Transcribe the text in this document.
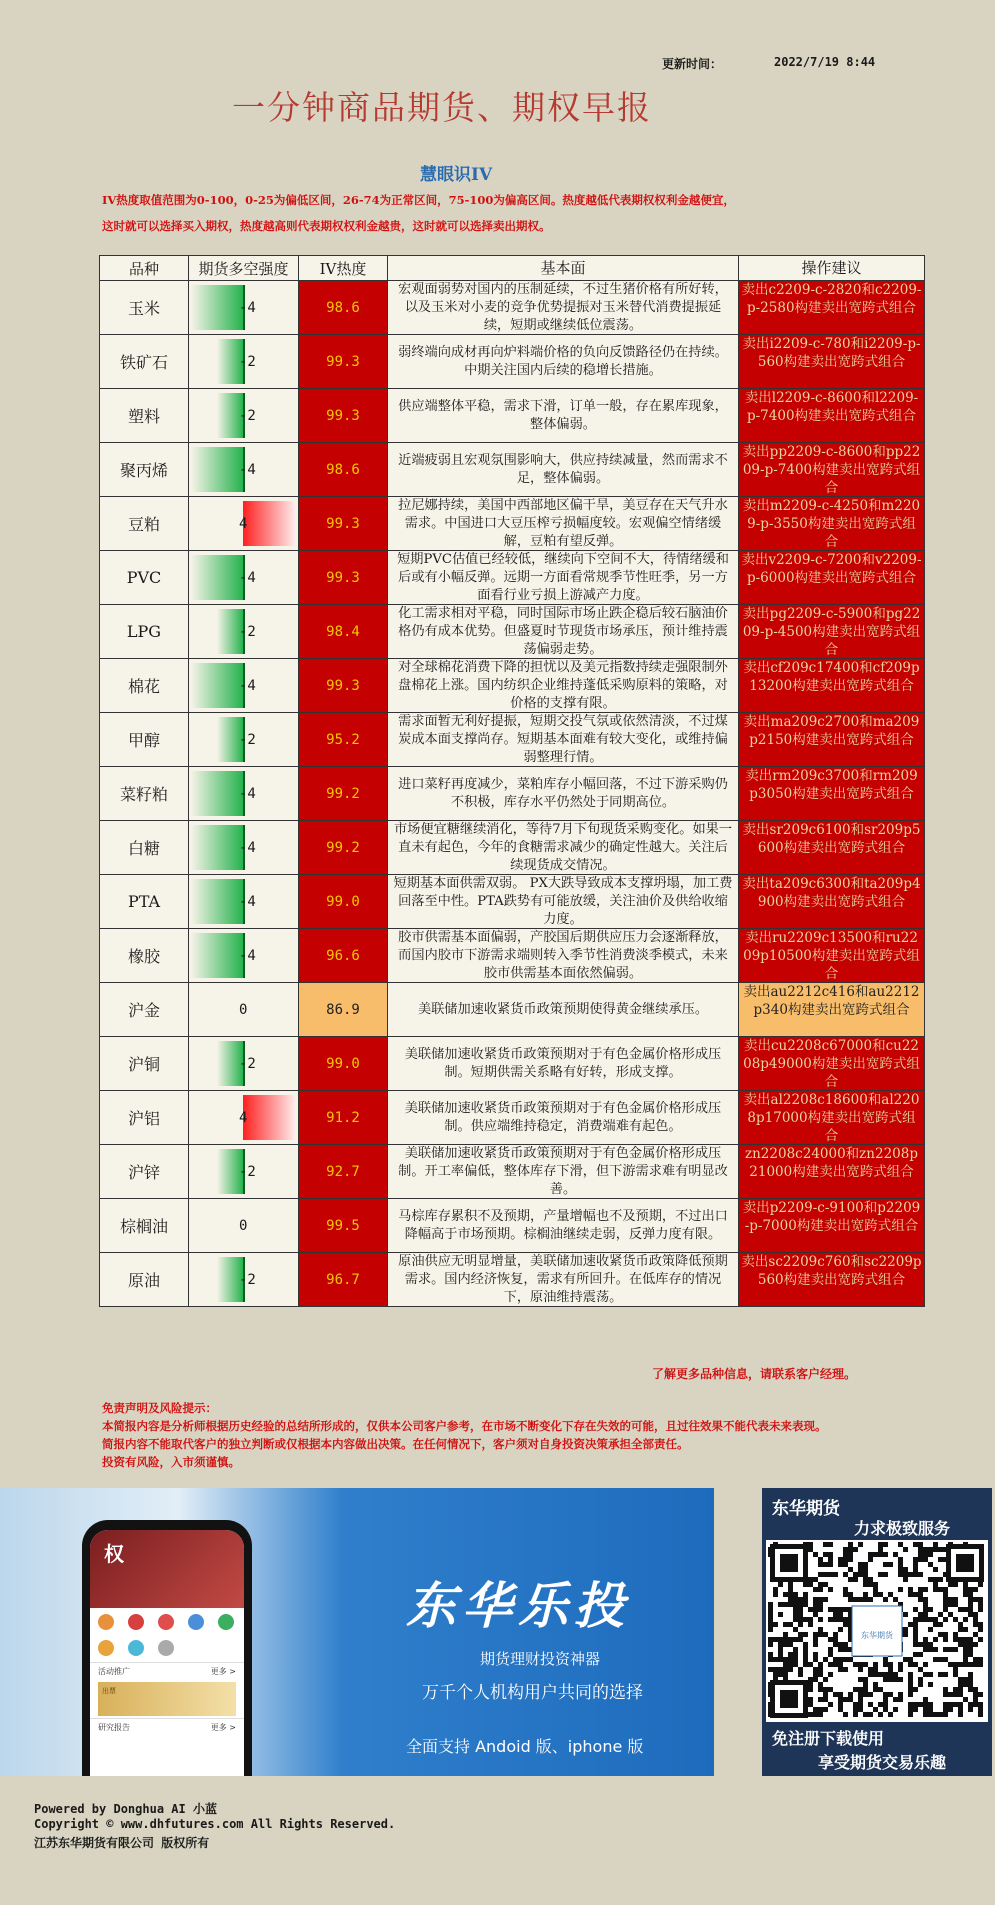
更新时间：	2022/7/19 8:44
一分钟商品期货、期权早报
慧眼识IV
IV热度取值范围为0-100，0-25为偏低区间，26-74为正常区间，75-100为偏高区间。热度越低代表期权权利金越便宜，
这时就可以选择买入期权，热度越高则代表期权权利金越贵，这时就可以选择卖出期权。
品种	期货多空强度	IV热度	基本面	操作建议
玉米	-4	98.6	宏观面弱势对国内的压制延续，不过生猪价格有所好转，以及玉米对小麦的竞争优势提振对玉米替代消费提振延续，短期或继续低位震荡。	卖出c2209-c-2820和c2209-p-2580构建卖出宽跨式组合

铁矿石	-2	99.3	弱终端向成材再向炉料端价格的负向反馈路径仍在持续。中期关注国内后续的稳增长措施。	卖出i2209-c-780和i2209-p-560构建卖出宽跨式组合

塑料	-2	99.3	供应端整体平稳，需求下滑，订单一般，存在累库现象，整体偏弱。	卖出l2209-c-8600和l2209-p-7400构建卖出宽跨式组合

聚丙烯	-4	98.6	近端疲弱且宏观氛围影响大，供应持续减量，然而需求不足，整体偏弱。	卖出pp2209-c-8600和pp2209-p-7400构建卖出宽跨式组合

豆粕	4	99.3	拉尼娜持续，美国中西部地区偏干旱，美豆存在天气升水需求。中国进口大豆压榨亏损幅度较。宏观偏空情绪缓解，豆粕有望反弹。	卖出m2209-c-4250和m2209-p-3550构建卖出宽跨式组合

PVC	-4	99.3	短期PVC估值已经较低，继续向下空间不大，待情绪缓和后或有小幅反弹。远期一方面看常规季节性旺季，另一方面看行业亏损上游减产力度。	卖出v2209-c-7200和v2209-p-6000构建卖出宽跨式组合

LPG	-2	98.4	化工需求相对平稳，同时国际市场止跌企稳后较石脑油价格仍有成本优势。但盛夏时节现货市场承压，预计维持震荡偏弱走势。	卖出pg2209-c-5900和pg2209-p-4500构建卖出宽跨式组合

棉花	-4	99.3	对全球棉花消费下降的担忧以及美元指数持续走强限制外盘棉花上涨。国内纺织企业维持蓬低采购原料的策略，对价格的支撑有限。	卖出cf209c17400和cf209p13200构建卖出宽跨式组合

甲醇	-2	95.2	需求面暂无利好提振，短期交投气氛或依然清淡，不过煤炭成本面支撑尚存。短期基本面难有较大变化，或维持偏弱整理行情。	卖出ma209c2700和ma209p2150构建卖出宽跨式组合

菜籽粕	-4	99.2	进口菜籽再度减少，菜粕库存小幅回落，不过下游采购仍不积极，库存水平仍然处于同期高位。	卖出rm209c3700和rm209p3050构建卖出宽跨式组合

白糖	-4	99.2	市场便宜糖继续消化，等待7月下旬现货采购变化。如果一直未有起色，今年的食糖需求减少的确定性越大。关注后续现货成交情况。	卖出sr209c6100和sr209p5600构建卖出宽跨式组合

PTA	-4	99.0	短期基本面供需双弱。 PX大跌导致成本支撑坍塌，加工费回落至中性。PTA跌势有可能放缓，关注油价及供给收缩力度。	卖出ta209c6300和ta209p4900构建卖出宽跨式组合

橡胶	-4	96.6	胶市供需基本面偏弱，产胶国后期供应压力会逐渐释放，而国内胶市下游需求端则转入季节性消费淡季模式，未来胶市供需基本面依然偏弱。	卖出ru2209c13500和ru2209p10500构建卖出宽跨式组合

沪金	0	86.9	美联储加速收紧货币政策预期使得黄金继续承压。	卖出au2212c416和au2212p340构建卖出宽跨式组合

沪铜	-2	99.0	美联储加速收紧货币政策预期对于有色金属价格形成压制。短期供需关系略有好转，形成支撑。	卖出cu2208c67000和cu2208p49000构建卖出宽跨式组合

沪铝	4	91.2	美联储加速收紧货币政策预期对于有色金属价格形成压制。供应端维持稳定，消费端难有起色。	卖出al2208c18600和al2208p17000构建卖出宽跨式组合

沪锌	-2	92.7	美联储加速收紧货币政策预期对于有色金属价格形成压制。开工率偏低，整体库存下滑，但下游需求难有明显改善。	zn2208c24000和zn2208p21000构建卖出宽跨式组合

棕榈油	0	99.5	马棕库存累积不及预期，产量增幅也不及预期，不过出口降幅高于市场预期。棕榈油继续走弱，反弹力度有限。	卖出p2209-c-9100和p2209-p-7000构建卖出宽跨式组合

原油	-2	96.7	原油供应无明显增量，美联储加速收紧货币政策降低预期需求。国内经济恢复，需求有所回升。在低库存的情况下，原油维持震荡。	卖出sc2209c760和sc2209p560构建卖出宽跨式组合
了解更多品种信息，请联系客户经理。
免责声明及风险提示：
本简报内容是分析师根据历史经验的总结所形成的，仅供本公司客户参考，在市场不断变化下存在失效的可能，且过往效果不能代表未来表现。
简报内容不能取代客户的独立判断或仅根据本内容做出决策。在任何情况下，客户须对自身投资决策承担全部责任。
投资有风险，入市须谨慎。
权
活动推广	更多 >
出票
研究报告	更多 >
东华乐投
期货理财投资神器
万千个人机构用户共同的选择
全面支持 Andoid 版、iphone 版
东华期货
力求极致服务
东华期货
免注册下载使用
享受期货交易乐趣
Powered by Donghua AI 小蓝
Copyright © www.dhfutures.com All Rights Reserved.
江苏东华期货有限公司 版权所有
